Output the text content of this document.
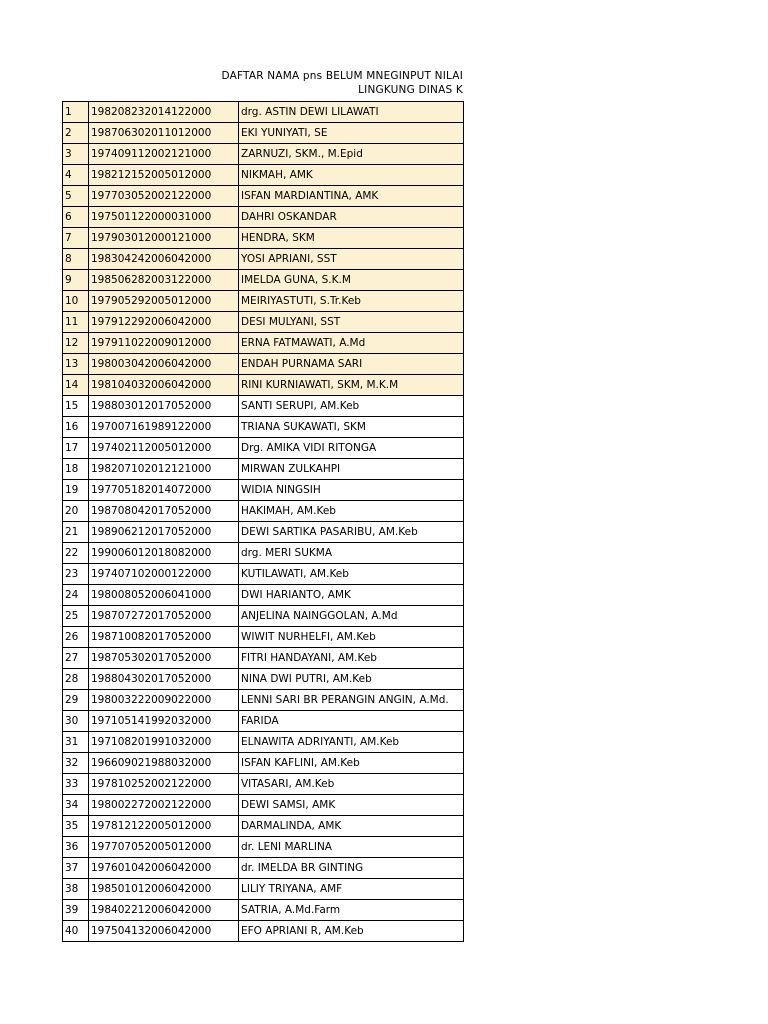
DAFTAR NAMA pns BELUM MNEGINPUT NILAI
LINGKUNG DINAS K
1	198208232014122000	drg. ASTIN DEWI LILAWATI
2	198706302011012000	EKI YUNIYATI, SE
3	197409112002121000	ZARNUZI, SKM., M.Epid
4	198212152005012000	NIKMAH, AMK
5	197703052002122000	ISFAN MARDIANTINA, AMK
6	197501122000031000	DAHRI OSKANDAR
7	197903012000121000	HENDRA, SKM
8	198304242006042000	YOSI APRIANI, SST
9	198506282003122000	IMELDA GUNA, S.K.M
10	197905292005012000	MEIRIYASTUTI, S.Tr.Keb
11	197912292006042000	DESI MULYANI, SST
12	197911022009012000	ERNA FATMAWATI, A.Md
13	198003042006042000	ENDAH PURNAMA SARI
14	198104032006042000	RINI KURNIAWATI, SKM, M.K.M
15	198803012017052000	SANTI SERUPI, AM.Keb
16	197007161989122000	TRIANA SUKAWATI, SKM
17	197402112005012000	Drg. AMIKA VIDI RITONGA
18	198207102012121000	MIRWAN ZULKAHPI
19	197705182014072000	WIDIA NINGSIH
20	198708042017052000	HAKIMAH, AM.Keb
21	198906212017052000	DEWI SARTIKA PASARIBU, AM.Keb
22	199006012018082000	drg. MERI SUKMA
23	197407102000122000	KUTILAWATI, AM.Keb
24	198008052006041000	DWI HARIANTO, AMK
25	198707272017052000	ANJELINA NAINGGOLAN, A.Md
26	198710082017052000	WIWIT NURHELFI, AM.Keb
27	198705302017052000	FITRI HANDAYANI, AM.Keb
28	198804302017052000	NINA DWI PUTRI, AM.Keb
29	198003222009022000	LENNI SARI BR PERANGIN ANGIN, A.Md.
30	197105141992032000	FARIDA
31	197108201991032000	ELNAWITA ADRIYANTI, AM.Keb
32	196609021988032000	ISFAN KAFLINI, AM.Keb
33	197810252002122000	VITASARI, AM.Keb
34	198002272002122000	DEWI SAMSI, AMK
35	197812122005012000	DARMALINDA, AMK
36	197707052005012000	dr. LENI MARLINA
37	197601042006042000	dr. IMELDA BR GINTING
38	198501012006042000	LILIY TRIYANA, AMF
39	198402212006042000	SATRIA, A.Md.Farm
40	197504132006042000	EFO APRIANI R, AM.Keb
